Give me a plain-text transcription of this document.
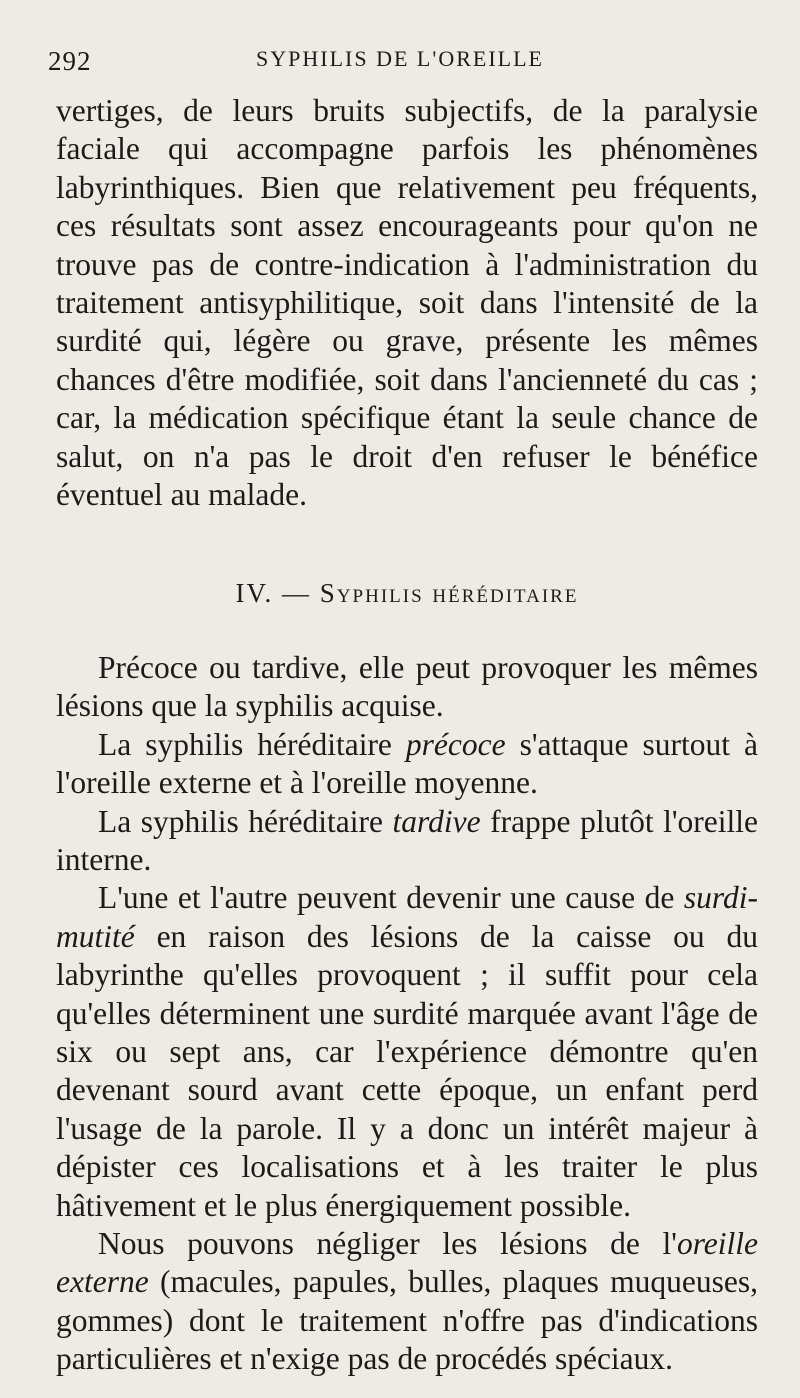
292	SYPHILIS DE L'OREILLE

vertiges, de leurs bruits subjectifs, de la paralysie faciale qui accompagne parfois les phénomènes labyrinthiques. Bien que relativement peu fréquents, ces résultats sont assez encourageants pour qu'on ne trouve pas de contre-indication à l'administration du traitement antisyphilitique, soit dans l'intensité de la surdité qui, légère ou grave, présente les mêmes chances d'être modifiée, soit dans l'ancienneté du cas ; car, la médication spécifique étant la seule chance de salut, on n'a pas le droit d'en refuser le bénéfice éventuel au malade.

IV. — Syphilis héréditaire

Précoce ou tardive, elle peut provoquer les mêmes lésions que la syphilis acquise.

La syphilis héréditaire précoce s'attaque surtout à l'oreille externe et à l'oreille moyenne.

La syphilis héréditaire tardive frappe plutôt l'oreille interne.

L'une et l'autre peuvent devenir une cause de surdi-mutité en raison des lésions de la caisse ou du labyrinthe qu'elles provoquent ; il suffit pour cela qu'elles déterminent une surdité marquée avant l'âge de six ou sept ans, car l'expérience démontre qu'en devenant sourd avant cette époque, un enfant perd l'usage de la parole. Il y a donc un intérêt majeur à dépister ces localisations et à les traiter le plus hâtivement et le plus énergiquement possible.

Nous pouvons négliger les lésions de l'oreille externe (macules, papules, bulles, plaques muqueuses, gommes) dont le traitement n'offre pas d'indications particulières et n'exige pas de procédés spéciaux.
